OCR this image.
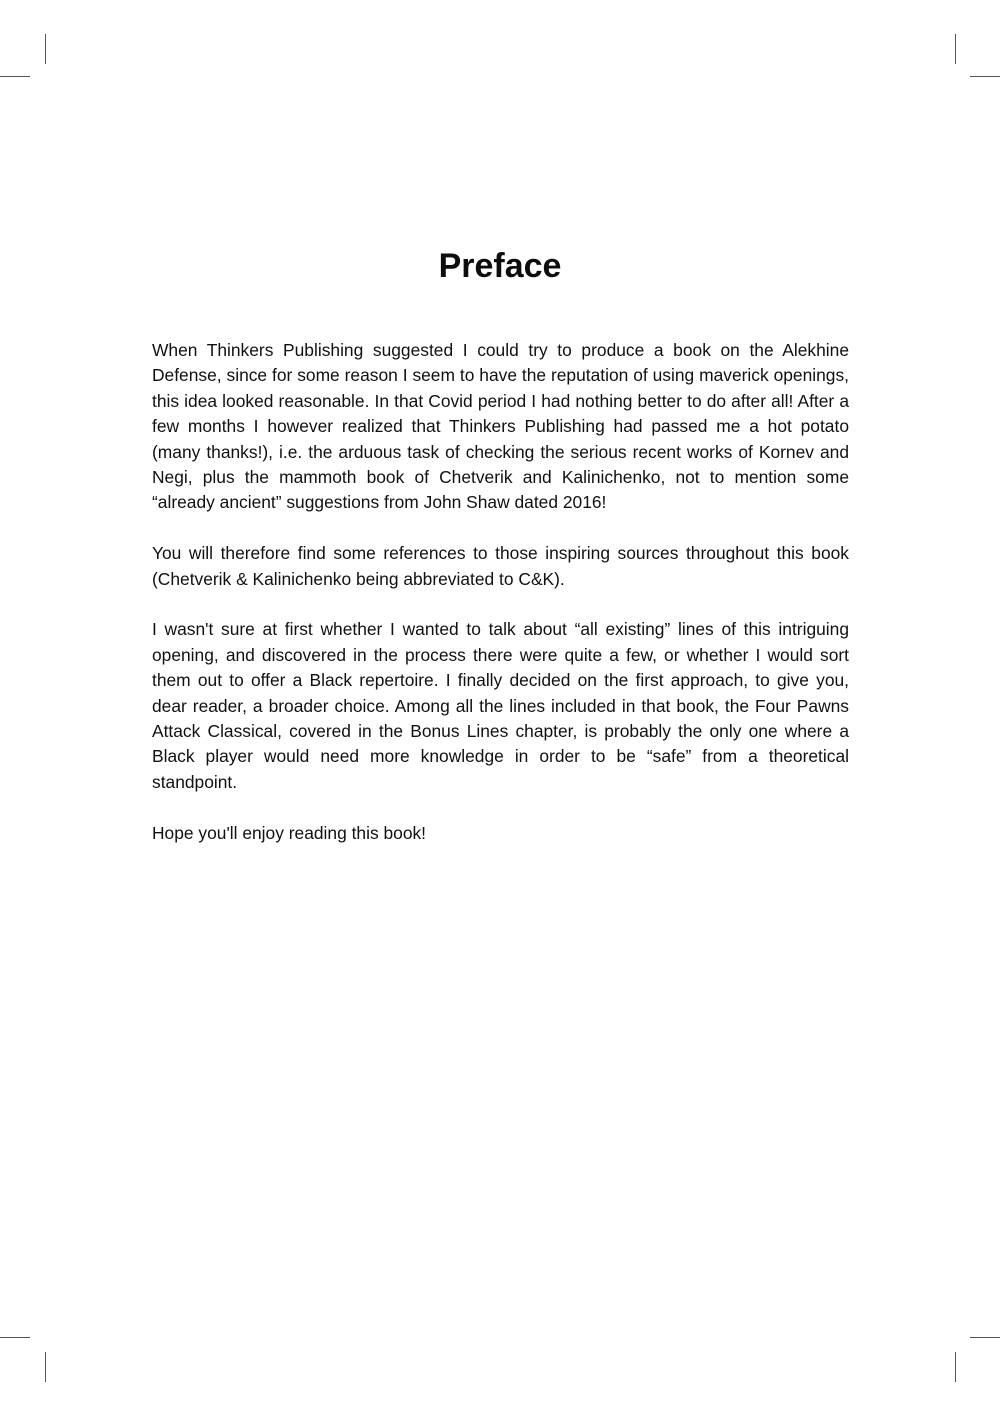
Preface

When Thinkers Publishing suggested I could try to produce a book on the Alekhine Defense, since for some reason I seem to have the reputation of using maverick openings, this idea looked reasonable. In that Covid period I had nothing better to do after all! After a few months I however realized that Thinkers Publishing had passed me a hot potato (many thanks!), i.e. the arduous task of checking the serious recent works of Kornev and Negi, plus the mammoth book of Chetverik and Kalinichenko, not to mention some “already ancient” suggestions from John Shaw dated 2016!

You will therefore find some references to those inspiring sources throughout this book (Chetverik & Kalinichenko being abbreviated to C&K).

I wasn't sure at first whether I wanted to talk about “all existing” lines of this intriguing opening, and discovered in the process there were quite a few, or whether I would sort them out to offer a Black repertoire. I finally decided on the first approach, to give you, dear reader, a broader choice. Among all the lines included in that book, the Four Pawns Attack Classical, covered in the Bonus Lines chapter, is probably the only one where a Black player would need more knowledge in order to be “safe” from a theoretical standpoint.

Hope you'll enjoy reading this book!
